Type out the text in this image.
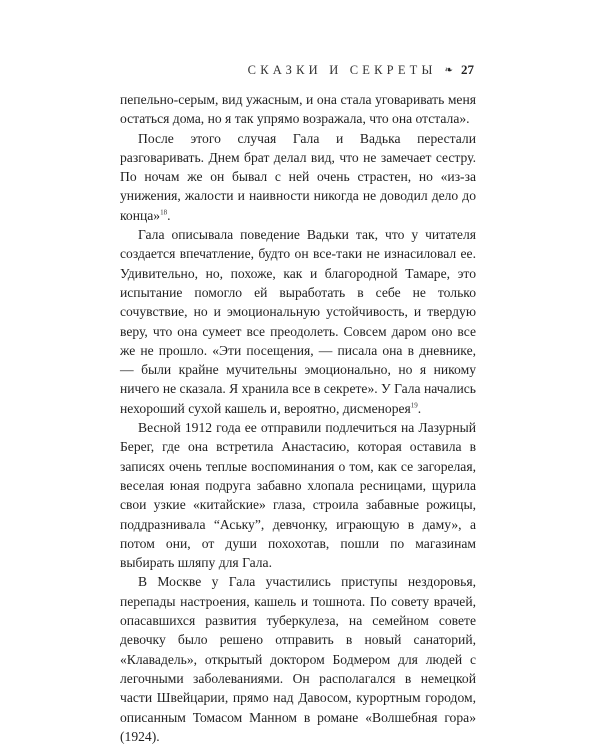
СКАЗКИ И СЕКРЕТЫ ❧ 27

пепельно-серым, вид ужасным, и она стала уговаривать меня остаться дома, но я так упрямо возражала, что она отстала».

После этого случая Гала и Вадька перестали разговаривать. Днем брат делал вид, что не замечает сестру. По ночам же он бывал с ней очень страстен, но «из-за унижения, жалости и наивности никогда не доводил дело до конца»$^{18}$.

Гала описывала поведение Вадьки так, что у читателя создается впечатление, будто он все-таки не изнасиловал ее. Удивительно, но, похоже, как и благородной Тамаре, это испытание помогло ей выработать в себе не только сочувствие, но и эмоциональную устойчивость, и твердую веру, что она сумеет все преодолеть. Совсем даром оно все же не прошло. «Эти посещения, — писала она в дневнике, — были крайне мучительны эмоционально, но я никому ничего не сказала. Я хранила все в секрете». У Гала начались нехороший сухой кашель и, вероятно, дисменорея$^{19}$.

Весной 1912 года ее отправили подлечиться на Лазурный Берег, где она встретила Анастасию, которая оставила в записях очень теплые воспоминания о том, как се загорелая, веселая юная подруга забавно хлопала ресницами, щурила свои узкие «китайские» глаза, строила забавные рожицы, поддразнивала “Аську”, девчонку, играющую в даму», а потом они, от души похохотав, пошли по магазинам выбирать шляпу для Гала.

В Москве у Гала участились приступы нездоровья, перепады настроения, кашель и тошнота. По совету врачей, опасавшихся развития туберкулеза, на семейном совете девочку было решено отправить в новый санаторий, «Клавадель», открытый доктором Бодмером для людей с легочными заболеваниями. Он располагался в немецкой части Швейцарии, прямо над Давосом, курортным городом, описанным Томасом Манном в романе «Волшебная гора» (1924).
